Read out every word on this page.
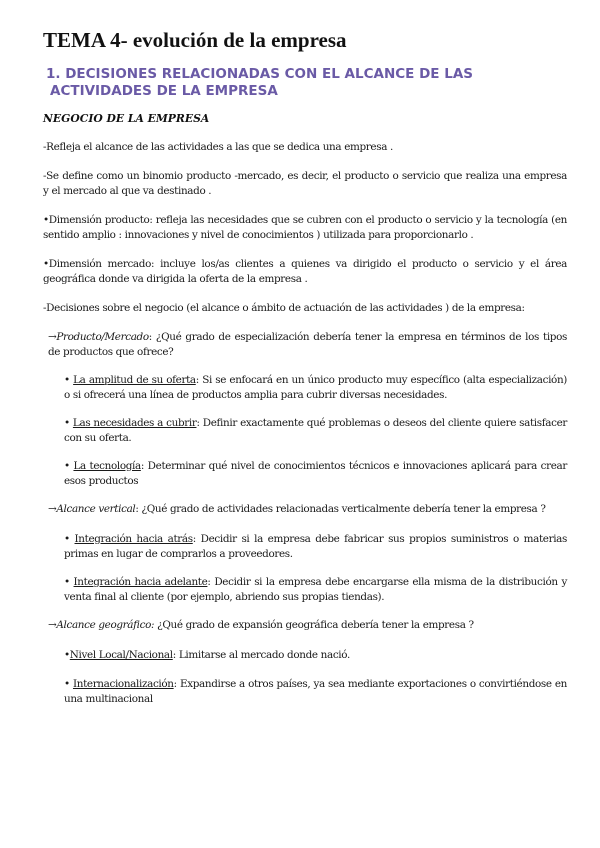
TEMA 4- evolución de la empresa
1. DECISIONES RELACIONADAS CON EL ALCANCE DE LAS
ACTIVIDADES DE LA EMPRESA
NEGOCIO DE LA EMPRESA

-Refleja el alcance de las actividades a las que se dedica una empresa .

-Se define como un binomio producto -mercado, es decir, el producto o servicio que realiza una empresa y el mercado al que va destinado .

•Dimensión producto: refleja las necesidades que se cubren con el producto o servicio y la tecnología (en sentido amplio : innovaciones y nivel de conocimientos ) utilizada para proporcionarlo .

•Dimensión mercado: incluye los/as clientes a quienes va dirigido el producto o servicio y el área geográfica donde va dirigida la oferta de la empresa .

-Decisiones sobre el negocio (el alcance o ámbito de actuación de las actividades ) de la empresa:

→Producto/Mercado: ¿Qué grado de especialización debería tener la empresa en términos de los tipos de productos que ofrece?

• La amplitud de su oferta: Si se enfocará en un único producto muy específico (alta especialización) o si ofrecerá una línea de productos amplia para cubrir diversas necesidades.

• Las necesidades a cubrir: Definir exactamente qué problemas o deseos del cliente quiere satisfacer con su oferta.

• La tecnología: Determinar qué nivel de conocimientos técnicos e innovaciones aplicará para crear esos productos

→Alcance vertical: ¿Qué grado de actividades relacionadas verticalmente debería tener la empresa ?

• Integración hacia atrás: Decidir si la empresa debe fabricar sus propios suministros o materias primas en lugar de comprarlos a proveedores.

• Integración hacia adelante: Decidir si la empresa debe encargarse ella misma de la distribución y venta final al cliente (por ejemplo, abriendo sus propias tiendas).

→Alcance geográfico: ¿Qué grado de expansión geográfica debería tener la empresa ?

•Nivel Local/Nacional: Limitarse al mercado donde nació.

• Internacionalización: Expandirse a otros países, ya sea mediante exportaciones o convirtiéndose en una multinacional
